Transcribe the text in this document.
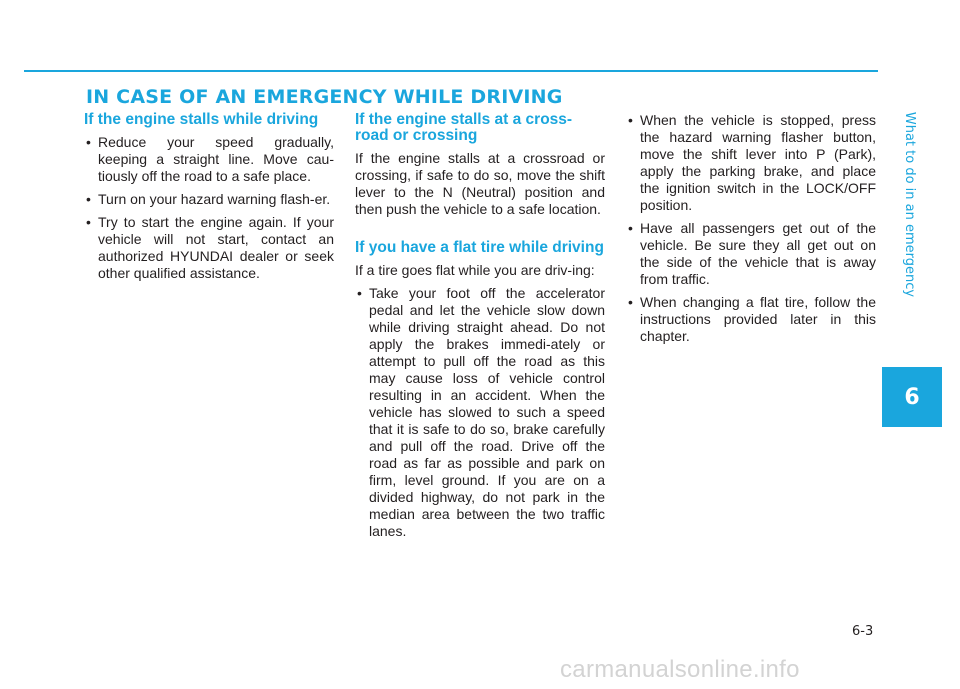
IN CASE OF AN EMERGENCY WHILE DRIVING
If the engine stalls while driving
• Reduce your speed gradually, keeping a straight line. Move cau-tiously off the road to a safe place.
• Turn on your hazard warning flash-er.
• Try to start the engine again. If your vehicle will not start, contact an authorized HYUNDAI dealer or seek other qualified assistance.
If the engine stalls at a cross-road or crossing

If the engine stalls at a crossroad or crossing, if safe to do so, move the shift lever to the N (Neutral) position and then push the vehicle to a safe location.

If you have a flat tire while driving

If a tire goes flat while you are driv-ing:

• Take your foot off the accelerator pedal and let the vehicle slow down while driving straight ahead. Do not apply the brakes immedi-ately or attempt to pull off the road as this may cause loss of vehicle control resulting in an accident. When the vehicle has slowed to such a speed that it is safe to do so, brake carefully and pull off the road. Drive off the road as far as possible and park on firm, level ground. If you are on a divided highway, do not park in the median area between the two traffic lanes.
• When the vehicle is stopped, press the hazard warning flasher button, move the shift lever into P (Park), apply the parking brake, and place the ignition switch in the LOCK/OFF position.
• Have all passengers get out of the vehicle. Be sure they all get out on the side of the vehicle that is away from traffic.
• When changing a flat tire, follow the instructions provided later in this chapter.
What to do in an emergency
6
6-3
carmanualsonline.info
